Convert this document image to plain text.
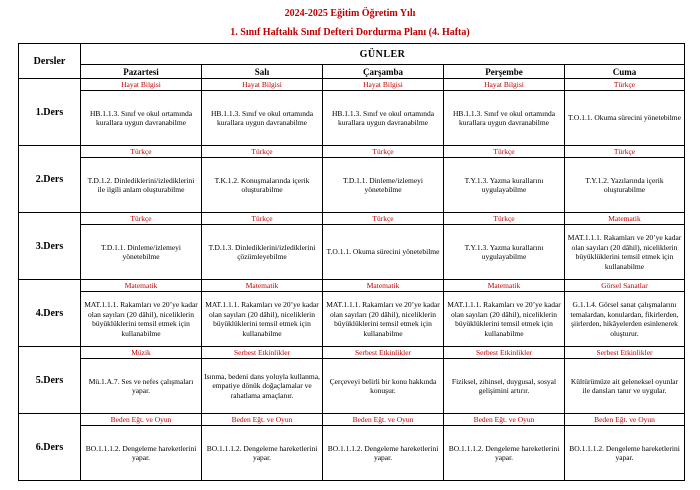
2024-2025 Eğitim Öğretim Yılı
1. Sınıf Haftalık Sınıf Defteri Dordurma Planı (4. Hafta)
Dersler	GÜNLER				
	Pazartesi	Salı	Çarşamba	Perşembe	Cuma
1.Ders	Hayat Bilgisi	Hayat Bilgisi	Hayat Bilgisi	Hayat Bilgisi	Türkçe
	HB.1.1.3. Sınıf ve okul ortamında kurallara uygun davranabilme	HB.1.1.3. Sınıf ve okul ortamında kurallara uygun davranabilme	HB.1.1.3. Sınıf ve okul ortamında kurallara uygun davranabilme	HB.1.1.3. Sınıf ve okul ortamında kurallara uygun davranabilme	T.O.1.1. Okuma sürecini yönetebilme
2.Ders	Türkçe	Türkçe	Türkçe	Türkçe	Türkçe
	T.D.1.2. Dinlediklerini/izlediklerini ile ilgili anlam oluşturabilme	T.K.1.2. Konuşmalarında içerik oluşturabilme	T.D.1.1. Dinleme/izlemeyi yönetebilme	T.Y.1.3. Yazma kurallarını uygulayabilme	T.Y.1.2. Yazılarında içerik oluşturabilme
3.Ders	Türkçe	Türkçe	Türkçe	Türkçe	Matematik
	T.D.1.1. Dinleme/izlemeyi yönetebilme	T.D.1.3. Dinlediklerini/izlediklerini çözümleyebilme	T.O.1.1. Okuma sürecini yönetebilme	T.Y.1.3. Yazma kurallarını uygulayabilme	MAT.1.1.1. Rakamları ve 20’ye kadar olan sayıları (20 dâhil), niceliklerin büyüklüklerini temsil etmek için kullanabilme
4.Ders	Matematik	Matematik	Matematik	Matematik	Görsel Sanatlar
	MAT.1.1.1. Rakamları ve 20’ye kadar olan sayıları (20 dâhil), niceliklerin büyüklüklerini temsil etmek için kullanabilme	MAT.1.1.1. Rakamları ve 20’ye kadar olan sayıları (20 dâhil), niceliklerin büyüklüklerini temsil etmek için kullanabilme	MAT.1.1.1. Rakamları ve 20’ye kadar olan sayıları (20 dâhil), niceliklerin büyüklüklerini temsil etmek için kullanabilme	MAT.1.1.1. Rakamları ve 20’ye kadar olan sayıları (20 dâhil), niceliklerin büyüklüklerini temsil etmek için kullanabilme	G.1.1.4. Görsel sanat çalışmalarını temalardan, konulardan, fikirlerden, şiirlerden, hikâyelerden esinlenerek oluşturur.
5.Ders	Müzik	Serbest Etkinlikler	Serbest Etkinlikler	Serbest Etkinlikler	Serbest Etkinlikler
	Mü.1.A.7. Ses ve nefes çalışmaları yapar.	Isınma, bedeni dans yoluyla kullanma, empatiye dönük doğaçlamalar ve rahatlama amaçlanır.	Çerçeveyi belirli bir konu hakkında konuşur.	Fiziksel, zihinsel, duygusal, sosyal gelişimini artırır.	Kültürümüze ait geleneksel oyunlar ile dansları tanır ve uygular.
6.Ders	Beden Eğt. ve Oyun	Beden Eğt. ve Oyun	Beden Eğt. ve Oyun	Beden Eğt. ve Oyun	Beden Eğt. ve Oyun
	BO.1.1.1.2. Dengeleme hareketlerini yapar.	BO.1.1.1.2. Dengeleme hareketlerini yapar.	BO.1.1.1.2. Dengeleme hareketlerini yapar.	BO.1.1.1.2. Dengeleme hareketlerini yapar.	BO.1.1.1.2. Dengeleme hareketlerini yapar.
